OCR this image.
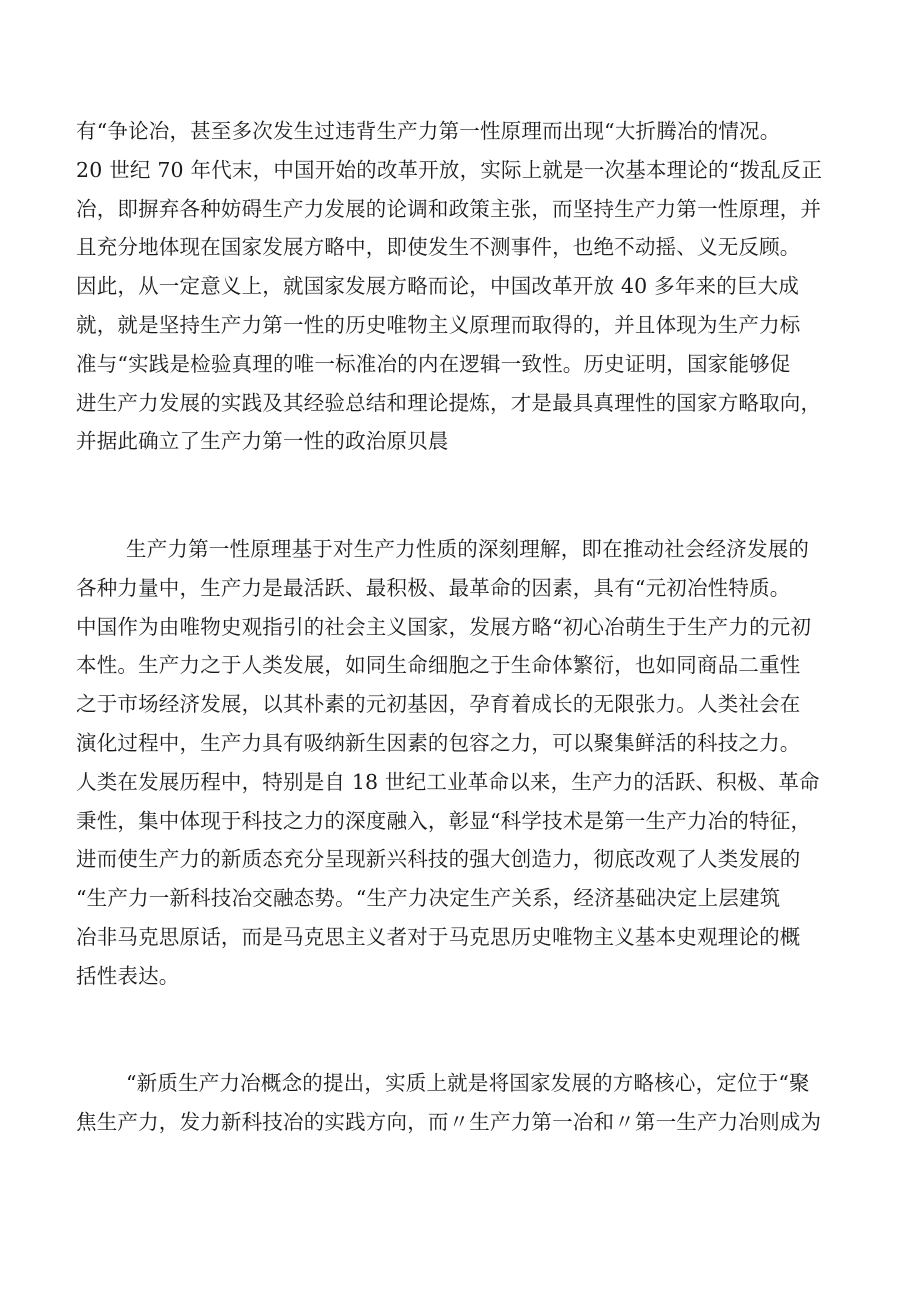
有“争论冶，甚至多次发生过违背生产力第一性原理而出现“大折腾冶的情况。
20 世纪 70 年代末，中国开始的改革开放，实际上就是一次基本理论的“拨乱反正
冶，即摒弃各种妨碍生产力发展的论调和政策主张，而坚持生产力第一性原理，并
且充分地体现在国家发展方略中，即使发生不测事件，也绝不动摇、义无反顾。
因此，从一定意义上，就国家发展方略而论，中国改革开放 40 多年来的巨大成
就，就是坚持生产力第一性的历史唯物主义原理而取得的，并且体现为生产力标
准与“实践是检验真理的唯一标准冶的内在逻辑一致性。历史证明，国家能够促
进生产力发展的实践及其经验总结和理论提炼，才是最具真理性的国家方略取向，
并据此确立了生产力第一性的政治原贝晨
生产力第一性原理基于对生产力性质的深刻理解，即在推动社会经济发展的
各种力量中，生产力是最活跃、最积极、最革命的因素，具有“元初冶性特质。
中国作为由唯物史观指引的社会主义国家，发展方略“初心冶萌生于生产力的元初
本性。生产力之于人类发展，如同生命细胞之于生命体繁衍，也如同商品二重性
之于市场经济发展，以其朴素的元初基因，孕育着成长的无限张力。人类社会在
演化过程中，生产力具有吸纳新生因素的包容之力，可以聚集鲜活的科技之力。
人类在发展历程中，特别是自 18 世纪工业革命以来，生产力的活跃、积极、革命
秉性，集中体现于科技之力的深度融入，彰显“科学技术是第一生产力冶的特征，
进而使生产力的新质态充分呈现新兴科技的强大创造力，彻底改观了人类发展的
“生产力一新科技冶交融态势。“生产力决定生产关系，经济基础决定上层建筑
冶非马克思原话，而是马克思主义者对于马克思历史唯物主义基本史观理论的概
括性表达。
“新质生产力冶概念的提出，实质上就是将国家发展的方略核心，定位于“聚
焦生产力，发力新科技冶的实践方向，而〃生产力第一冶和〃第一生产力冶则成为
